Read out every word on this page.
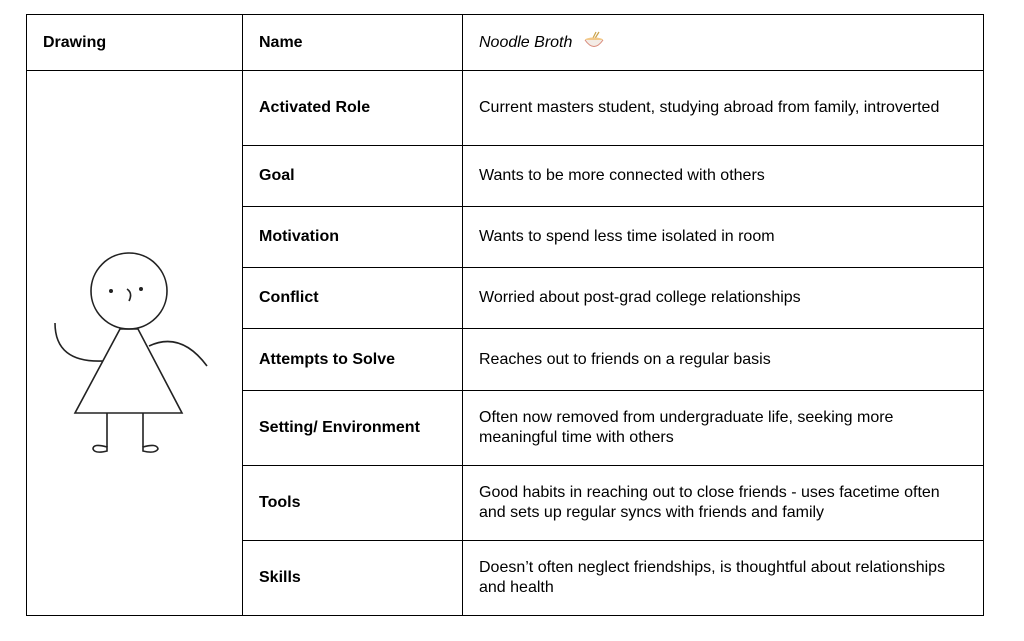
Drawing	Name	Noodle Broth

	Activated Role	Current masters student, studying abroad from family, introverted
	Goal	Wants to be more connected with others
	Motivation	Wants to spend less time isolated in room
	Conflict	Worried about post-grad college relationships
	Attempts to Solve	Reaches out to friends on a regular basis
	Setting/ Environment	Often now removed from undergraduate life, seeking more meaningful time with others
	Tools	Good habits in reaching out to close friends - uses facetime often and sets up regular syncs with friends and family
	Skills	Doesn’t often neglect friendships, is thoughtful about relationships and health
